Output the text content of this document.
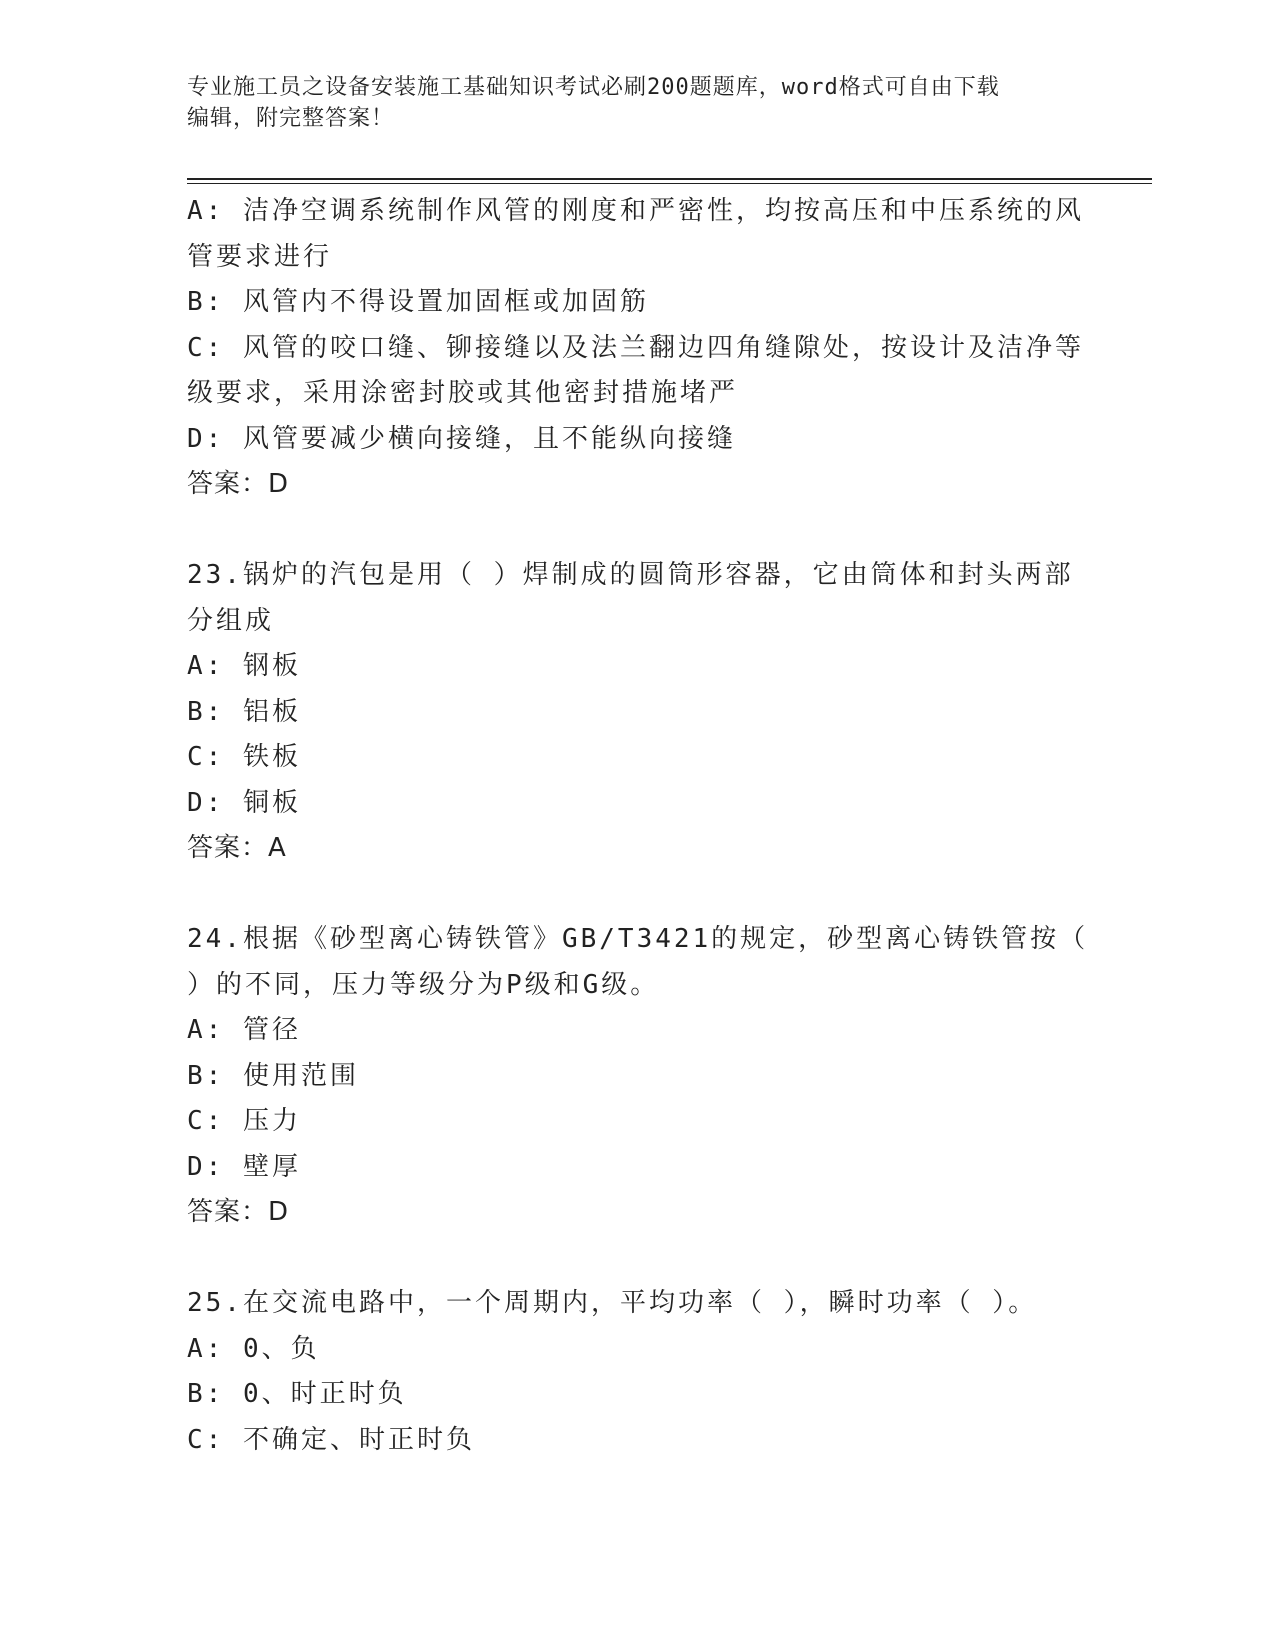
专业施工员之设备安装施工基础知识考试必刷200题题库，word格式可自由下载
编辑，附完整答案！
A: 洁净空调系统制作风管的刚度和严密性，均按高压和中压系统的风
管要求进行
B: 风管内不得设置加固框或加固筋
C: 风管的咬口缝、铆接缝以及法兰翻边四角缝隙处，按设计及洁净等
级要求，采用涂密封胶或其他密封措施堵严
D: 风管要减少横向接缝，且不能纵向接缝
答案：D
23.锅炉的汽包是用（ ）焊制成的圆筒形容器，它由筒体和封头两部
分组成
A: 钢板
B: 铝板
C: 铁板
D: 铜板
答案：A
24.根据《砂型离心铸铁管》GB/T3421的规定，砂型离心铸铁管按（
）的不同，压力等级分为P级和G级。
A: 管径
B: 使用范围
C: 压力
D: 壁厚
答案：D
25.在交流电路中，一个周期内，平均功率（ ），瞬时功率（ ）。
A: 0、负
B: 0、时正时负
C: 不确定、时正时负
